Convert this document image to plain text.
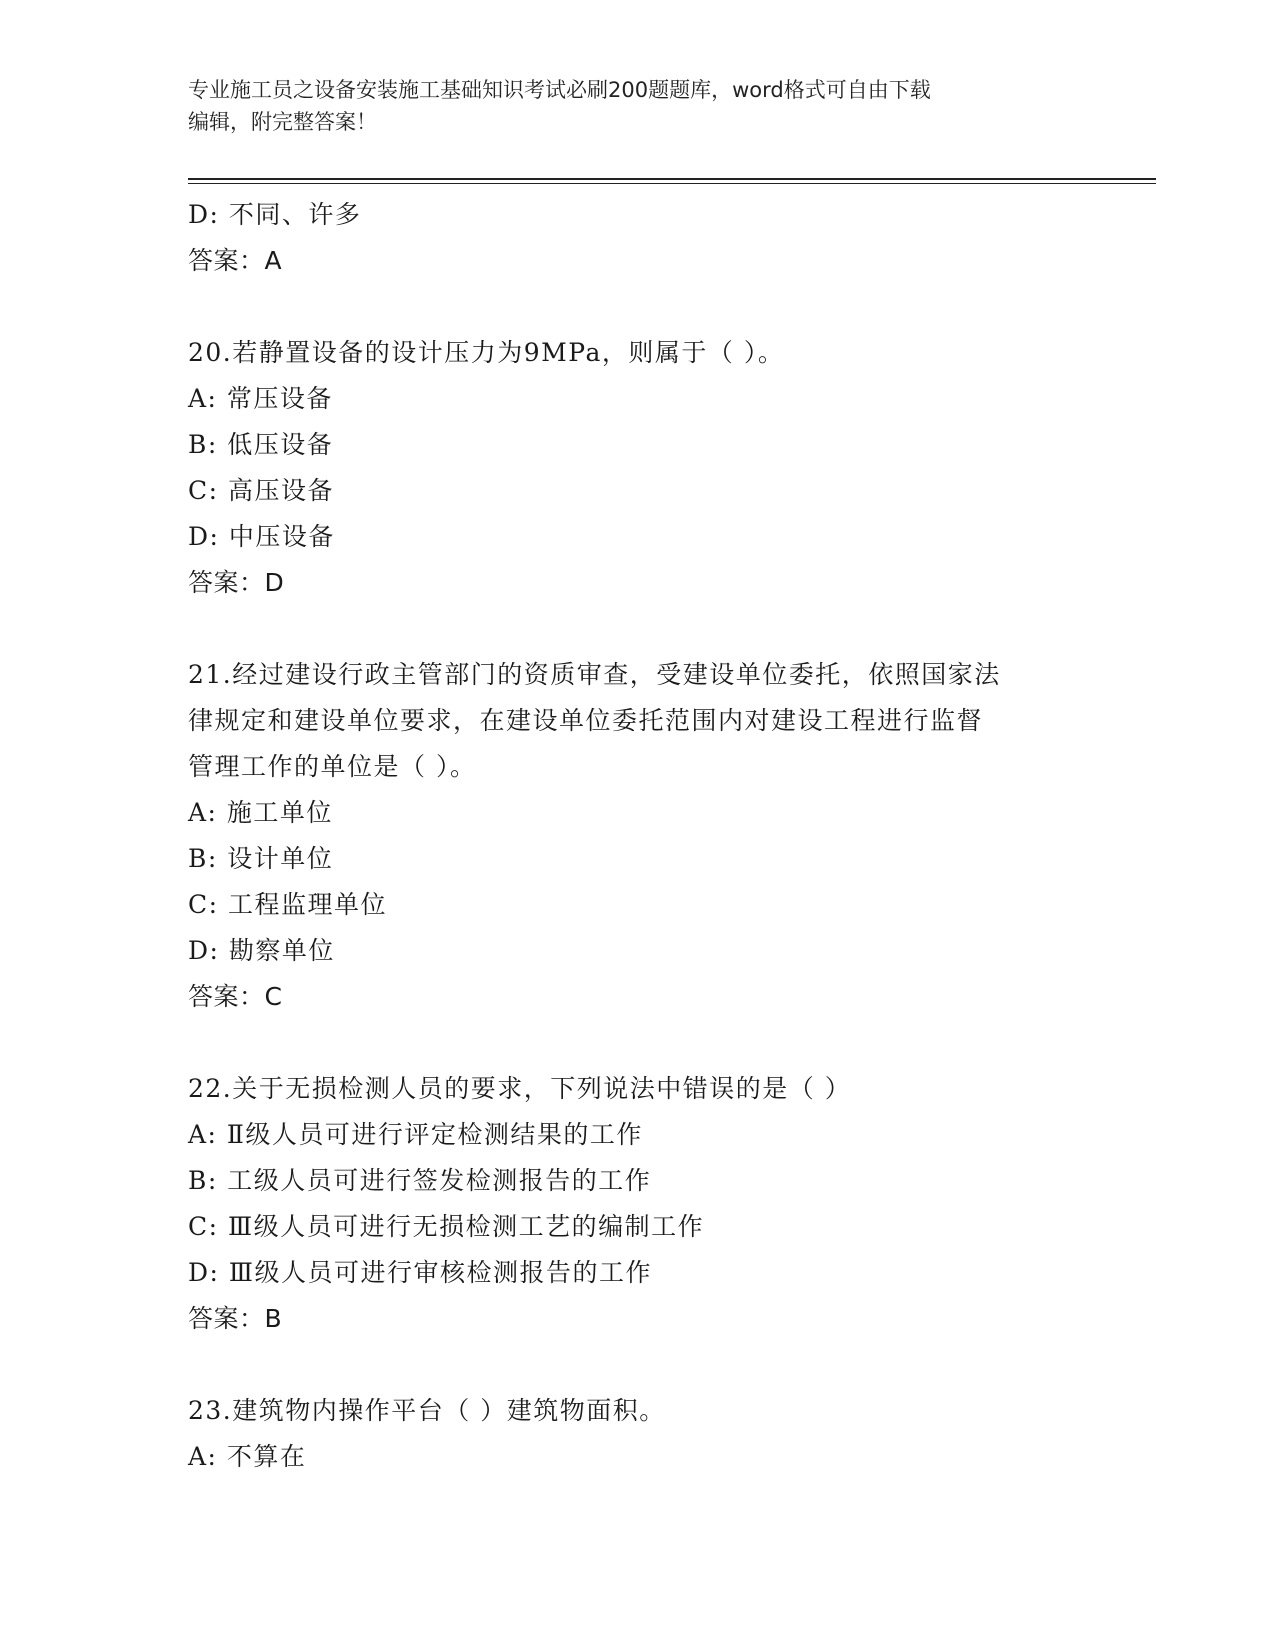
专业施工员之设备安装施工基础知识考试必刷200题题库，word格式可自由下载
编辑，附完整答案！
D: 不同、许多
答案：A
20.若静置设备的设计压力为9MPa，则属于（ ）。
A: 常压设备
B: 低压设备
C: 高压设备
D: 中压设备
答案：D
21.经过建设行政主管部门的资质审查，受建设单位委托，依照国家法
律规定和建设单位要求，在建设单位委托范围内对建设工程进行监督
管理工作的单位是（ ）。
A: 施工单位
B: 设计单位
C: 工程监理单位
D: 勘察单位
答案：C
22.关于无损检测人员的要求，下列说法中错误的是（ ）
A: Ⅱ级人员可进行评定检测结果的工作
B: 工级人员可进行签发检测报告的工作
C: Ⅲ级人员可进行无损检测工艺的编制工作
D: Ⅲ级人员可进行审核检测报告的工作
答案：B
23.建筑物内操作平台（ ）建筑物面积。
A: 不算在
